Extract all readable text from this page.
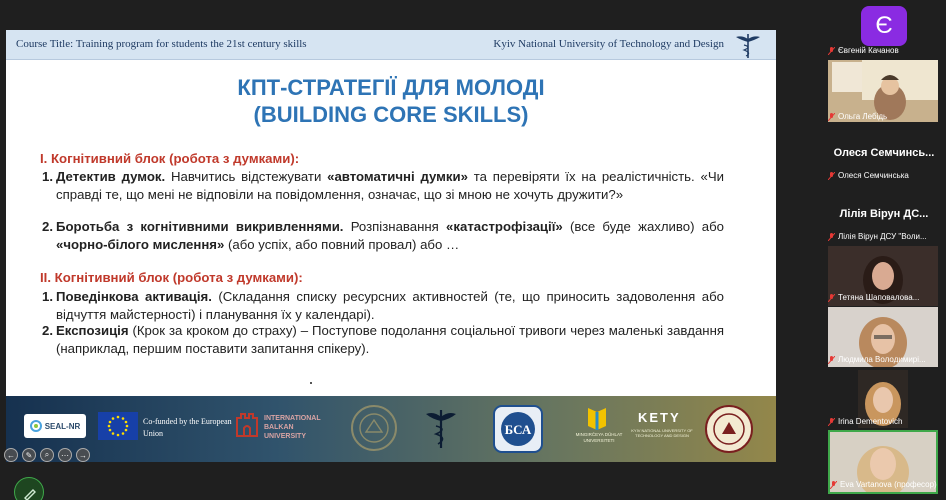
Course Title: Training program for students the 21st century skills	Kyiv National University of Technology and Design
КПТ-СТРАТЕГІЇ ДЛЯ МОЛОДІ
(BUILDING CORE SKILLS)
I. Когнітивний блок (робота з думками):
1. Детектив думок. Навчитись відстежувати «автоматичні думки» та перевіряти їх на реалістичність. «Чи справді те, що мені не відповіли на повідомлення, означає, що зі мною не хочуть дружити?»
2. Боротьба з когнітивними викривленнями. Розпізнавання «катастрофізації» (все буде жахливо) або «чорно-білого мислення» (або успіх, або повний провал) або …
II. Когнітивний блок (робота з думками):
1. Поведінкова активація. (Складання списку ресурсних активностей (те, що приносить задоволення або відчуття майстерності) і планування їх у календарі).
2. Експозиція (Крок за кроком до страху) – Поступове подолання соціальної тривоги через маленькі завдання (наприклад, першим поставити запитання спікеру).
SEAL-NR	Co-funded by the European Union
INTERNATIONAL BALKAN UNIVERSITY	БСА	MINGIRČEYA DÜHLAT UNIVERSITETI
KETY
KYIV NATIONAL UNIVERSITY OF TECHNOLOGY AND DESIGN
←	✎	⌕	⋯	→
Є
Євгеній Качанов
Ольга Лебідь
Олеся Семчинсь...
Олеся Семчинська
Лілія Вірун ДС...
Лілія Вірун ДСУ "Воли...
Тетяна Шаповалова...
Людмила Володимирі...
Irina Dementovich
Eva Vartanova (професор)
